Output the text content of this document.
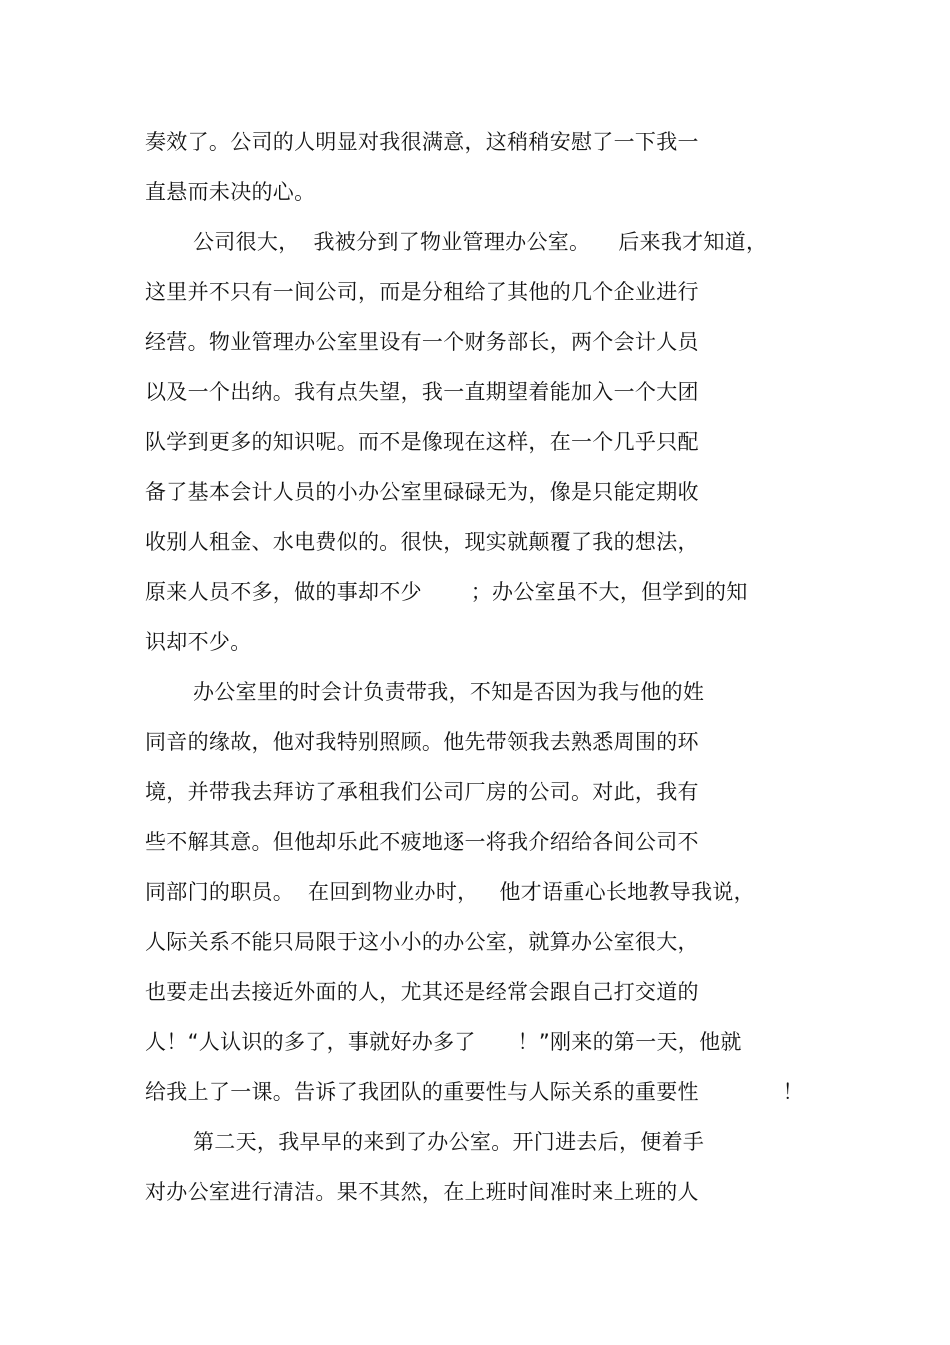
奏效了。公司的人明显对我很满意，这稍稍安慰了一下我一
直悬而未决的心。
公司很大，  我被分到了物业管理办公室。    后来我才知道，
这里并不只有一间公司，而是分租给了其他的几个企业进行
经营。物业管理办公室里设有一个财务部长，两个会计人员
以及一个出纳。我有点失望，我一直期望着能加入一个大团
队学到更多的知识呢。而不是像现在这样，在一个几乎只配
备了基本会计人员的小办公室里碌碌无为，像是只能定期收
收别人租金、水电费似的。很快，现实就颠覆了我的想法，
原来人员不多，做的事却不少       ；办公室虽不大，但学到的知
识却不少。
办公室里的时会计负责带我，不知是否因为我与他的姓
同音的缘故，他对我特别照顾。他先带领我去熟悉周围的环
境，并带我去拜访了承租我们公司厂房的公司。对此，我有
些不解其意。但他却乐此不疲地逐一将我介绍给各间公司不
同部门的职员。  在回到物业办时，   他才语重心长地教导我说，
人际关系不能只局限于这小小的办公室，就算办公室很大，
也要走出去接近外面的人，尤其还是经常会跟自己打交道的
人！“人认识的多了，事就好办多了      ！”刚来的第一天，他就
给我上了一课。告诉了我团队的重要性与人际关系的重要性            ！
第二天，我早早的来到了办公室。开门进去后，便着手
对办公室进行清洁。果不其然，在上班时间准时来上班的人
